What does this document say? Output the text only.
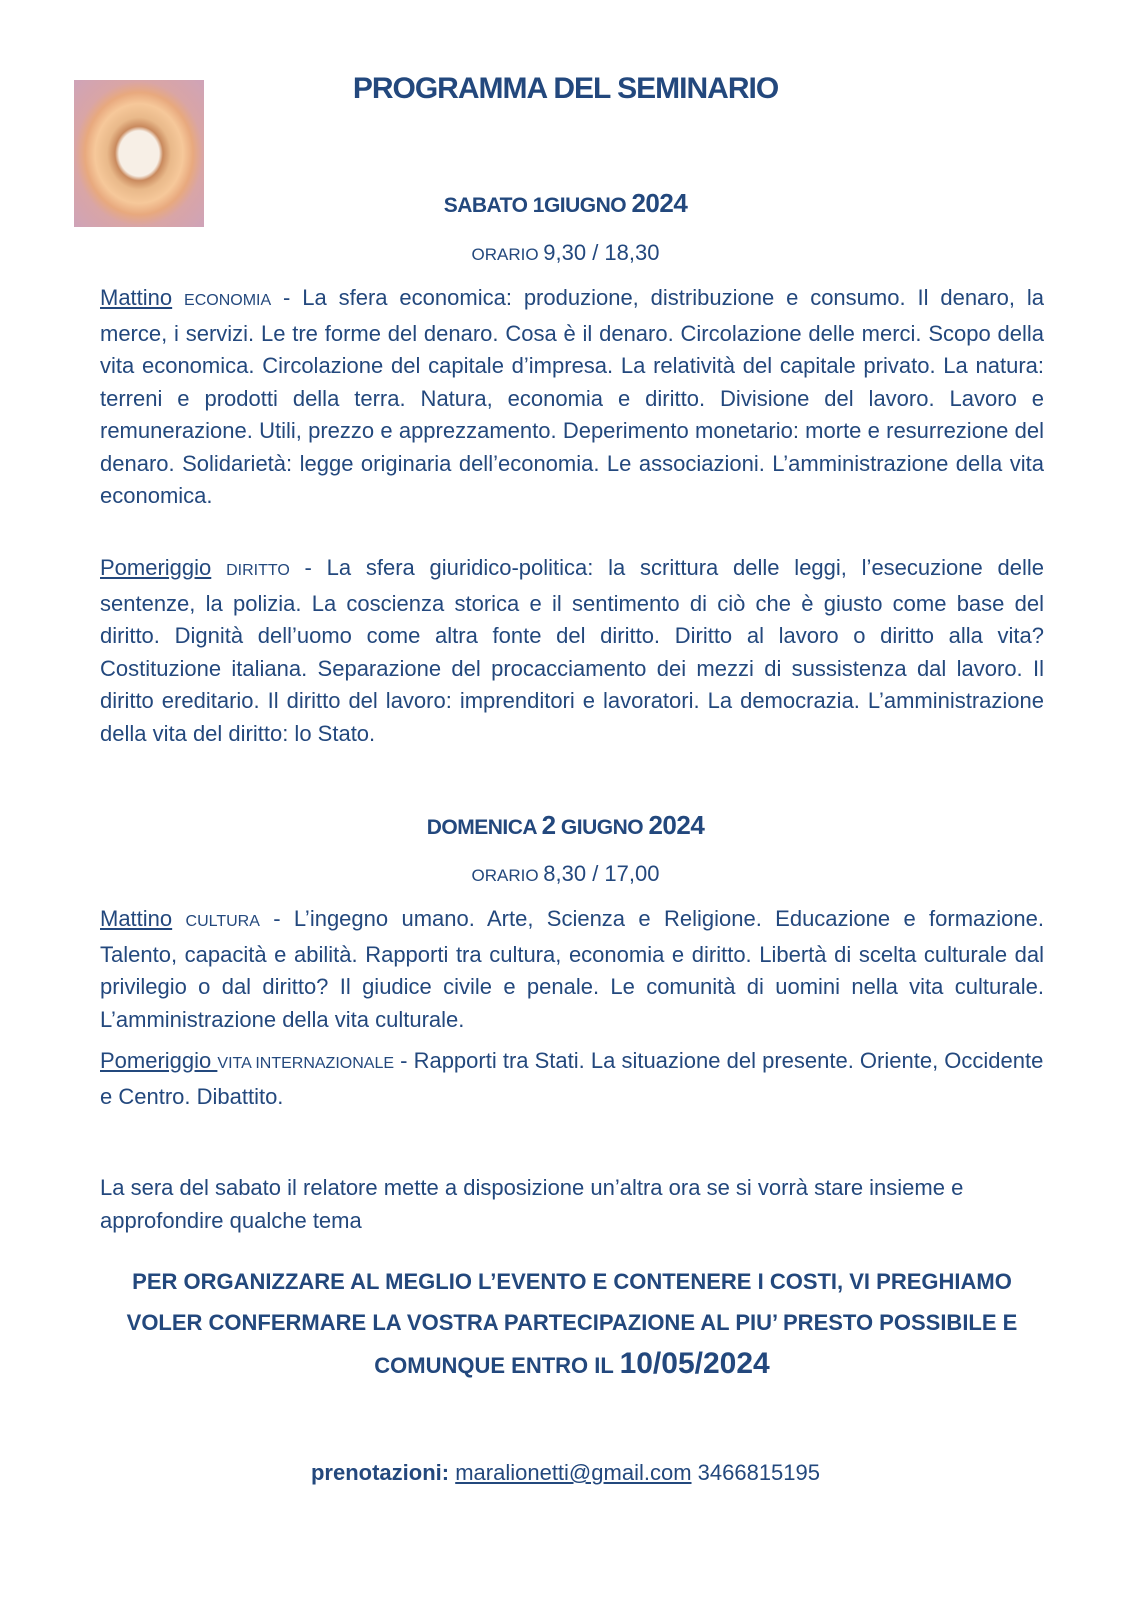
PROGRAMMA DEL SEMINARIO
SABATO 1GIUGNO 2024
ORARIO 9,30 / 18,30
Mattino ECONOMIA - La sfera economica: produzione, distribuzione e consumo. Il denaro, la merce, i servizi. Le tre forme del denaro. Cosa è il denaro. Circolazione delle merci. Scopo della vita economica. Circolazione del capitale d’impresa. La relatività del capitale privato. La natura: terreni e prodotti della terra. Natura, economia e diritto. Divisione del lavoro. Lavoro e remunerazione. Utili, prezzo e apprezzamento. Deperimento monetario: morte e resurrezione del denaro. Solidarietà: legge originaria dell’economia. Le associazioni. L’amministrazione della vita economica.
Pomeriggio DIRITTO - La sfera giuridico-politica: la scrittura delle leggi, l’esecuzione delle sentenze, la polizia. La coscienza storica e il sentimento di ciò che è giusto come base del diritto. Dignità dell’uomo come altra fonte del diritto. Diritto al lavoro o diritto alla vita? Costituzione italiana. Separazione del procacciamento dei mezzi di sussistenza dal lavoro. Il diritto ereditario. Il diritto del lavoro: imprenditori e lavoratori. La democrazia. L’amministrazione della vita del diritto: lo Stato.
DOMENICA 2 GIUGNO 2024
ORARIO 8,30 / 17,00
Mattino CULTURA - L’ingegno umano. Arte, Scienza e Religione. Educazione e formazione. Talento, capacità e abilità. Rapporti tra cultura, economia e diritto. Libertà di scelta culturale dal privilegio o dal diritto? Il giudice civile e penale. Le comunità di uomini nella vita culturale. L’amministrazione della vita culturale.
Pomeriggio VITA INTERNAZIONALE - Rapporti tra Stati. La situazione del presente. Oriente, Occidente e Centro. Dibattito.
La sera del sabato il relatore mette a disposizione un’altra ora se si vorrà stare insieme e approfondire qualche tema
PER ORGANIZZARE AL MEGLIO L’EVENTO E CONTENERE I COSTI, VI PREGHIAMO VOLER CONFERMARE LA VOSTRA PARTECIPAZIONE AL PIU’ PRESTO POSSIBILE E COMUNQUE ENTRO IL 10/05/2024
prenotazioni: maralionetti@gmail.com 3466815195
